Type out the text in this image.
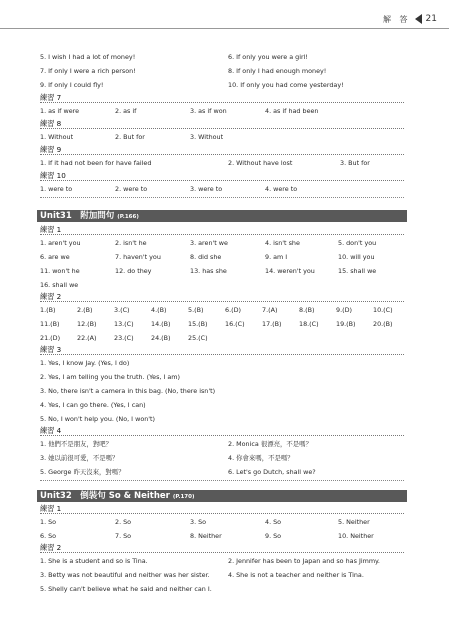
解 答 21
5. I wish I had a lot of money!	6. If only you were a girl!
7. If only I were a rich person!	8. If only I had enough money!
9. If only I could fly!	10. If only you had come yesterday!
練習 7
1. as if were	2. as if	3. as if won	4. as if had been
練習 8
1. Without	2. But for	3. Without
練習 9
1. If it had not been for have failed	2. Without have lost	3. But for
練習 10
1. were to	2. were to	3. were to	4. were to
Unit31　附加問句 (P.166)
練習 1
1. aren't you	2. isn't he	3. aren't we	4. isn't she	5. don't you
6. are we	7. haven't you	8. did she	9. am I	10. will you
11. won't he	12. do they	13. has she	14. weren't you	15. shall we
16. shall we
練習 2
1.(B)	2.(B)	3.(C)	4.(B)	5.(B)	6.(D)	7.(A)	8.(B)	9.(D)	10.(C)
11.(B)	12.(B)	13.(C)	14.(B)	15.(B)	16.(C)	17.(B)	18.(C)	19.(B)	20.(B)
21.(D)	22.(A)	23.(C)	24.(B)	25.(C)
練習 3
1. Yes, I know Jay. (Yes, I do)
2. Yes, I am telling you the truth. (Yes, I am)
3. No, there isn't a camera in this bag. (No, there isn't)
4. Yes, I can go there. (Yes, I can)
5. No, I won't help you. (No, I won't)
練習 4
1. 他們不是朋友，對吧？	2. Monica 很漂亮，不是嗎？
3. 她以前很可愛，不是嗎？	4. 你會來嗎，不是嗎？
5. George 昨天沒來，對嗎？	6. Let's go Dutch, shall we?
Unit32　倒裝句 So & Neither (P.170)
練習 1
1. So	2. So	3. So	4. So	5. Neither
6. So	7. So	8. Neither	9. So	10. Neither
練習 2
1. She is a student and so is Tina.	2. Jennifer has been to Japan and so has Jimmy.
3. Betty was not beautiful and neither was her sister.	4. She is not a teacher and neither is Tina.
5. Shelly can't believe what he said and neither can I.
